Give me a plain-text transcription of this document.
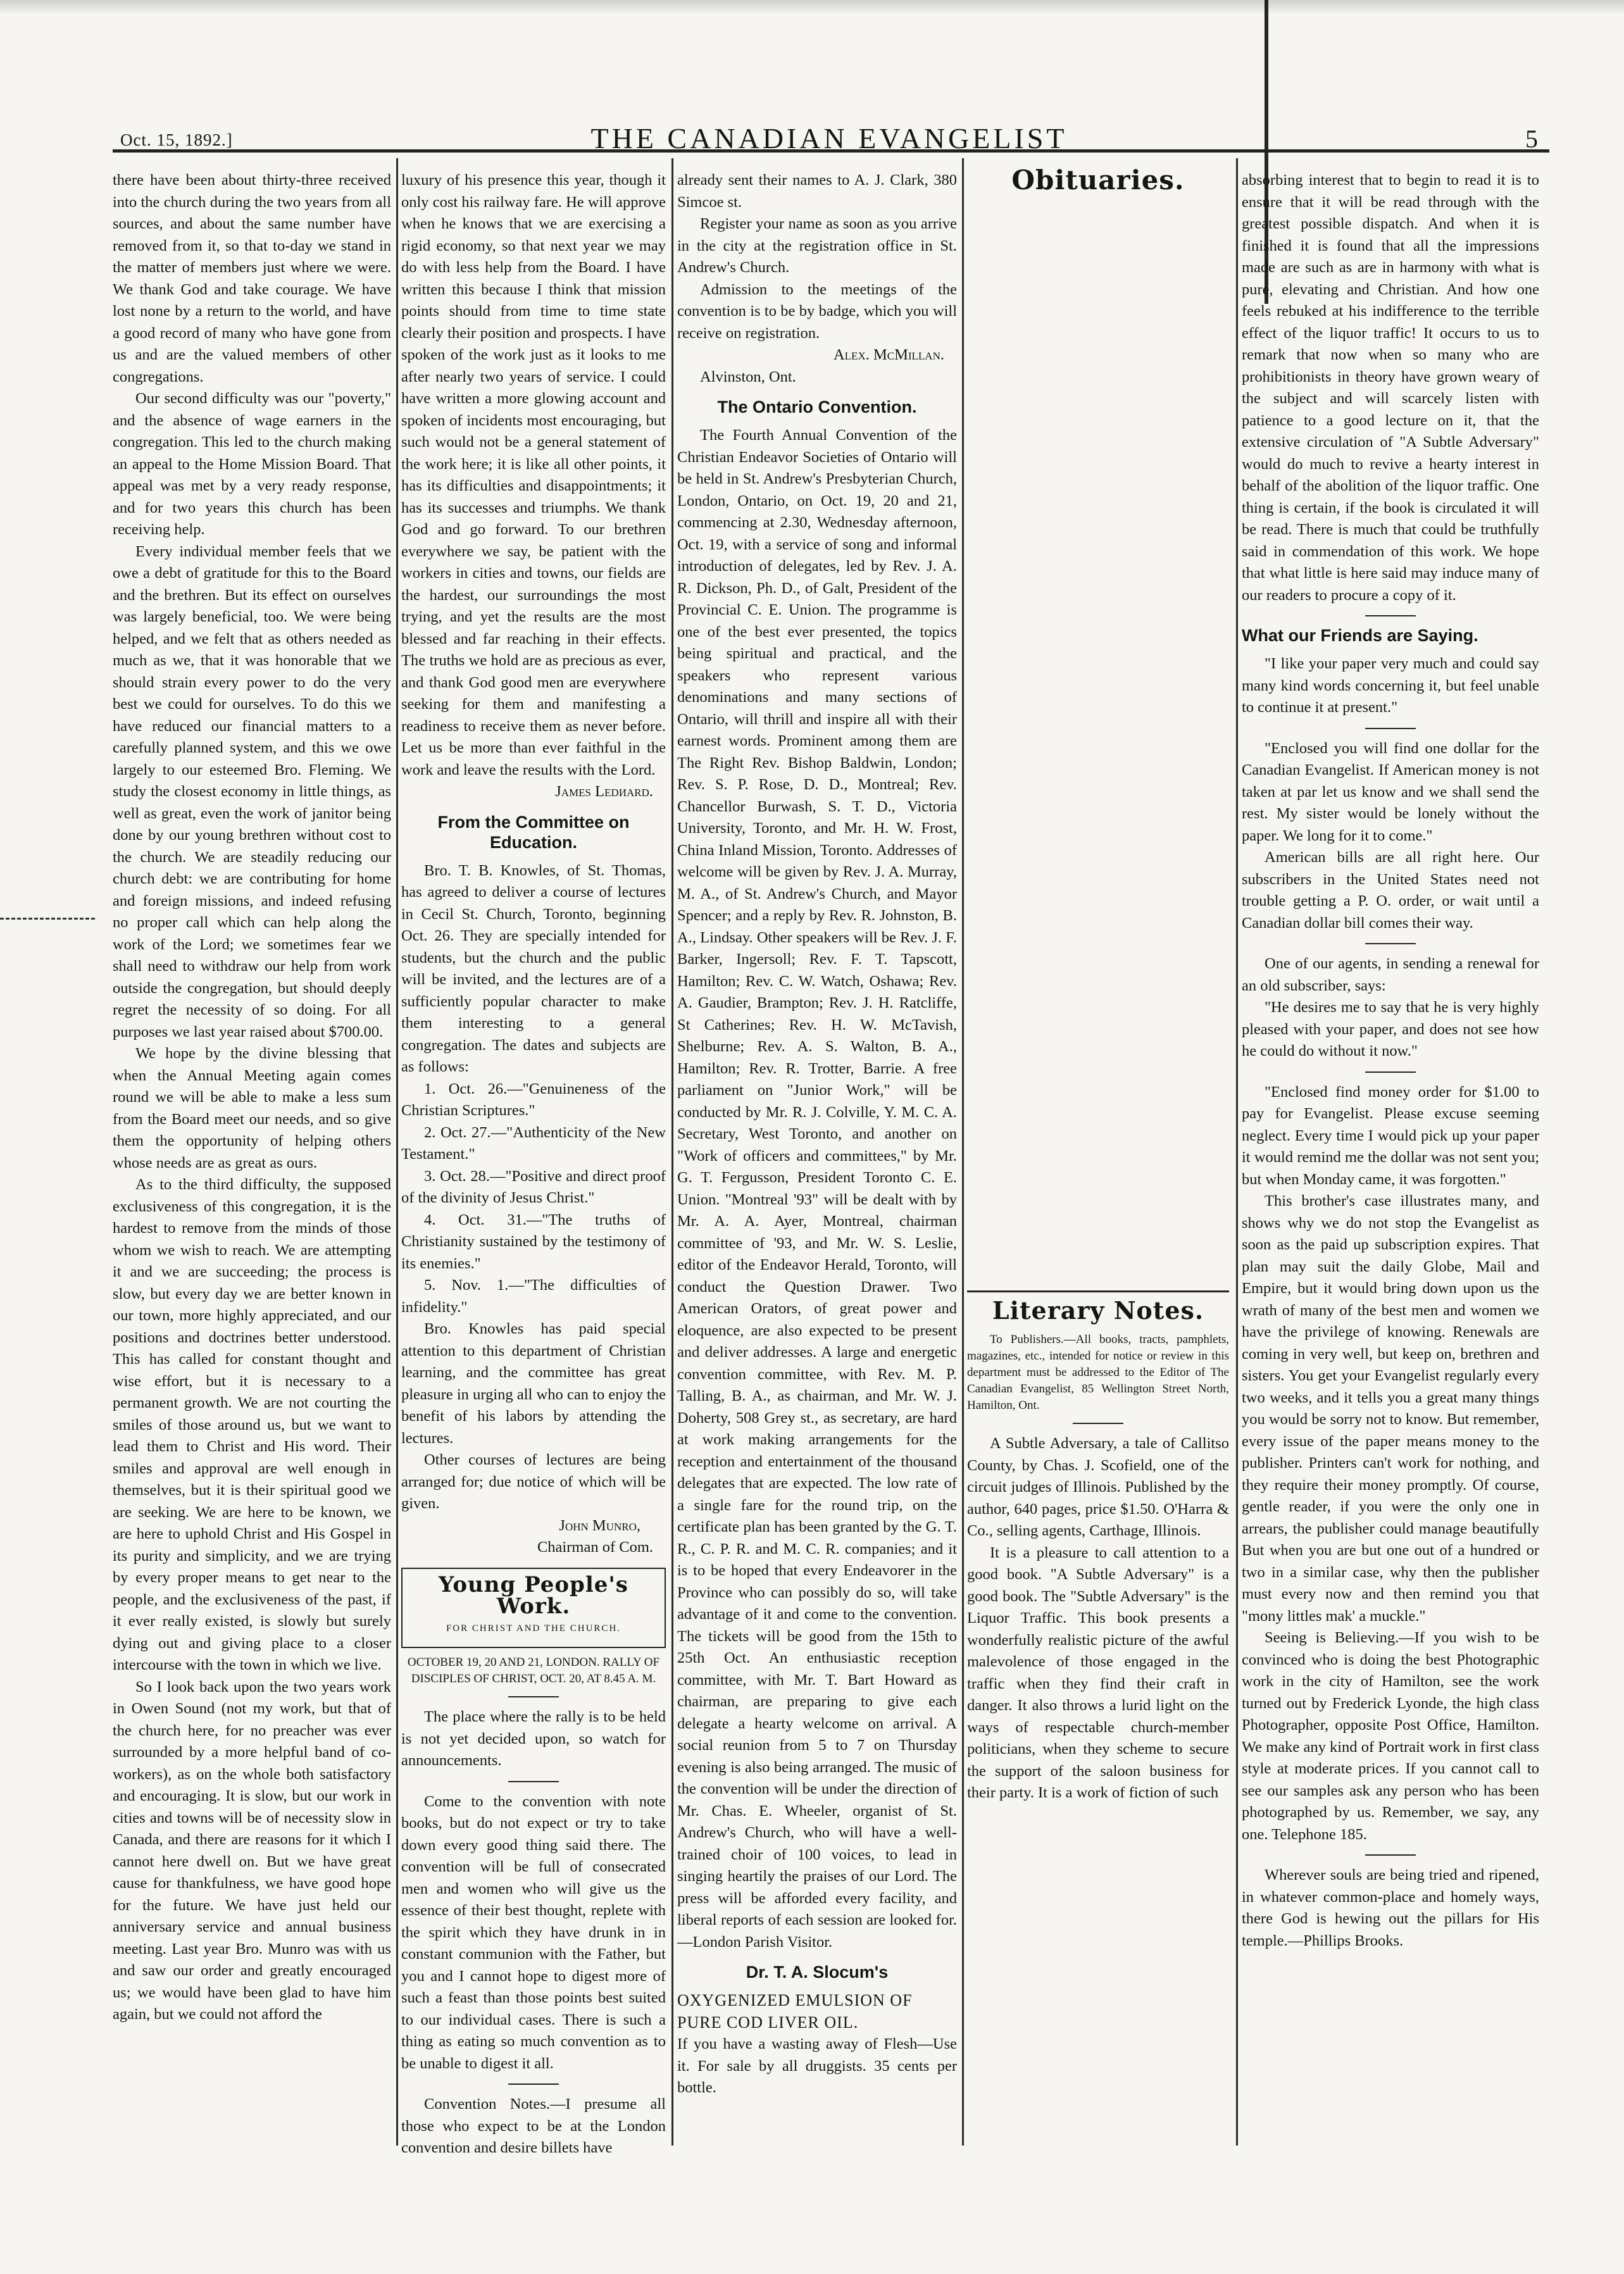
Oct. 15, 1892.]	THE CANADIAN EVANGELIST	5

there have been about thirty-three received into the church during the two years from all sources, and about the same number have removed from it, so that to-day we stand in the matter of members just where we were. We thank God and take courage. We have lost none by a return to the world, and have a good record of many who have gone from us and are the valued members of other congregations.

Our second difficulty was our "poverty," and the absence of wage earners in the congregation. This led to the church making an appeal to the Home Mission Board. That appeal was met by a very ready response, and for two years this church has been receiving help.

Every individual member feels that we owe a debt of gratitude for this to the Board and the brethren. But its effect on ourselves was largely beneficial, too. We were being helped, and we felt that as others needed as much as we, that it was honorable that we should strain every power to do the very best we could for ourselves. To do this we have reduced our financial matters to a carefully planned system, and this we owe largely to our esteemed Bro. Fleming. We study the closest economy in little things, as well as great, even the work of janitor being done by our young brethren without cost to the church. We are steadily reducing our church debt: we are contributing for home and foreign missions, and indeed refusing no proper call which can help along the work of the Lord; we sometimes fear we shall need to withdraw our help from work outside the congregation, but should deeply regret the necessity of so doing. For all purposes we last year raised about $700.00.

We hope by the divine blessing that when the Annual Meeting again comes round we will be able to make a less sum from the Board meet our needs, and so give them the opportunity of helping others whose needs are as great as ours.

As to the third difficulty, the supposed exclusiveness of this congregation, it is the hardest to remove from the minds of those whom we wish to reach. We are attempting it and we are succeeding; the process is slow, but every day we are better known in our town, more highly appreciated, and our positions and doctrines better understood. This has called for constant thought and wise effort, but it is necessary to a permanent growth. We are not courting the smiles of those around us, but we want to lead them to Christ and His word. Their smiles and approval are well enough in themselves, but it is their spiritual good we are seeking. We are here to be known, we are here to uphold Christ and His Gospel in its purity and simplicity, and we are trying by every proper means to get near to the people, and the exclusiveness of the past, if it ever really existed, is slowly but surely dying out and giving place to a closer intercourse with the town in which we live.

So I look back upon the two years work in Owen Sound (not my work, but that of the church here, for no preacher was ever surrounded by a more helpful band of co-workers), as on the whole both satisfactory and encouraging. It is slow, but our work in cities and towns will be of necessity slow in Canada, and there are reasons for it which I cannot here dwell on. But we have great cause for thankfulness, we have good hope for the future. We have just held our anniversary service and annual business meeting. Last year Bro. Munro was with us and saw our order and greatly encouraged us; we would have been glad to have him again, but we could not afford the

luxury of his presence this year, though it only cost his railway fare. He will approve when he knows that we are exercising a rigid economy, so that next year we may do with less help from the Board. I have written this because I think that mission points should from time to time state clearly their position and prospects. I have spoken of the work just as it looks to me after nearly two years of service. I could have written a more glowing account and spoken of incidents most encouraging, but such would not be a general statement of the work here; it is like all other points, it has its difficulties and disappointments; it has its successes and triumphs. We thank God and go forward. To our brethren everywhere we say, be patient with the workers in cities and towns, our fields are the hardest, our surroundings the most trying, and yet the results are the most blessed and far reaching in their effects. The truths we hold are as precious as ever, and thank God good men are everywhere seeking for them and manifesting a readiness to receive them as never before. Let us be more than ever faithful in the work and leave the results with the Lord.

James Ledиard.

From the Committee on Education.

Bro. T. B. Knowles, of St. Thomas, has agreed to deliver a course of lectures in Cecil St. Church, Toronto, beginning Oct. 26. They are specially intended for students, but the church and the public will be invited, and the lectures are of a sufficiently popular character to make them interesting to a general congregation. The dates and subjects are as follows:

1. Oct. 26.—"Genuineness of the Christian Scriptures."

2. Oct. 27.—"Authenticity of the New Testament."

3. Oct. 28.—"Positive and direct proof of the divinity of Jesus Christ."

4. Oct. 31.—"The truths of Christianity sustained by the testimony of its enemies."

5. Nov. 1.—"The difficulties of infidelity."

Bro. Knowles has paid special attention to this department of Christian learning, and the committee has great pleasure in urging all who can to enjoy the benefit of his labors by attending the lectures.

Other courses of lectures are being arranged for; due notice of which will be given.

John Munro,

Chairman of Com.

Young People's Work.
FOR CHRIST AND THE CHURCH.

OCTOBER 19, 20 AND 21, LONDON. RALLY OF DISCIPLES OF CHRIST, OCT. 20, AT 8.45 A. M.

The place where the rally is to be held is not yet decided upon, so watch for announcements.

Come to the convention with note books, but do not expect or try to take down every good thing said there. The convention will be full of consecrated men and women who will give us the essence of their best thought, replete with the spirit which they have drunk in in constant communion with the Father, but you and I cannot hope to digest more of such a feast than those points best suited to our individual cases. There is such a thing as eating so much convention as to be unable to digest it all.

Convention Notes.—I presume all those who expect to be at the London convention and desire billets have

already sent their names to A. J. Clark, 380 Simcoe st.

Register your name as soon as you arrive in the city at the registration office in St. Andrew's Church.

Admission to the meetings of the convention is to be by badge, which you will receive on registration.

Alex. McMillan.

Alvinston, Ont.

The Ontario Convention.

The Fourth Annual Convention of the Christian Endeavor Societies of Ontario will be held in St. Andrew's Presbyterian Church, London, Ontario, on Oct. 19, 20 and 21, commencing at 2.30, Wednesday afternoon, Oct. 19, with a service of song and informal introduction of delegates, led by Rev. J. A. R. Dickson, Ph. D., of Galt, President of the Provincial C. E. Union. The programme is one of the best ever presented, the topics being spiritual and practical, and the speakers who represent various denominations and many sections of Ontario, will thrill and inspire all with their earnest words. Prominent among them are The Right Rev. Bishop Baldwin, London; Rev. S. P. Rose, D. D., Montreal; Rev. Chancellor Burwash, S. T. D., Victoria University, Toronto, and Mr. H. W. Frost, China Inland Mission, Toronto. Addresses of welcome will be given by Rev. J. A. Murray, M. A., of St. Andrew's Church, and Mayor Spencer; and a reply by Rev. R. Johnston, B. A., Lindsay. Other speakers will be Rev. J. F. Barker, Ingersoll; Rev. F. T. Tapscott, Hamilton; Rev. C. W. Watch, Oshawa; Rev. A. Gaudier, Brampton; Rev. J. H. Ratcliffe, St Catherines; Rev. H. W. McTavish, Shelburne; Rev. A. S. Walton, B. A., Hamilton; Rev. R. Trotter, Barrie. A free parliament on "Junior Work," will be conducted by Mr. R. J. Colville, Y. M. C. A. Secretary, West Toronto, and another on "Work of officers and committees," by Mr. G. T. Fergusson, President Toronto C. E. Union. "Montreal '93" will be dealt with by Mr. A. A. Ayer, Montreal, chairman committee of '93, and Mr. W. S. Leslie, editor of the Endeavor Herald, Toronto, will conduct the Question Drawer. Two American Orators, of great power and eloquence, are also expected to be present and deliver addresses. A large and energetic convention committee, with Rev. M. P. Talling, B. A., as chairman, and Mr. W. J. Doherty, 508 Grey st., as secretary, are hard at work making arrangements for the reception and entertainment of the thousand delegates that are expected. The low rate of a single fare for the round trip, on the certificate plan has been granted by the G. T. R., C. P. R. and M. C. R. companies; and it is to be hoped that every Endeavorer in the Province who can possibly do so, will take advantage of it and come to the convention. The tickets will be good from the 15th to 25th Oct. An enthusiastic reception committee, with Mr. T. Bart Howard as chairman, are preparing to give each delegate a hearty welcome on arrival. A social reunion from 5 to 7 on Thursday evening is also being arranged. The music of the convention will be under the direction of Mr. Chas. E. Wheeler, organist of St. Andrew's Church, who will have a well-trained choir of 100 voices, to lead in singing heartily the praises of our Lord. The press will be afforded every facility, and liberal reports of each session are looked for.—London Parish Visitor.

Dr. T. A. Slocum's

OXYGENIZED EMULSION OF PURE COD LIVER OIL.

If you have a wasting away of Flesh—Use it. For sale by all druggists. 35 cents per bottle.

Obituaries.
Literary Notes.

To Publishers.—All books, tracts, pamphlets, magazines, etc., intended for notice or review in this department must be addressed to the Editor of The Canadian Evangelist, 85 Wellington Street North, Hamilton, Ont.

A Subtle Adversary, a tale of Callitso County, by Chas. J. Scofield, one of the circuit judges of Illinois. Published by the author, 640 pages, price $1.50. O'Harra & Co., selling agents, Carthage, Illinois.

It is a pleasure to call attention to a good book. "A Subtle Adversary" is a good book. The "Subtle Adversary" is the Liquor Traffic. This book presents a wonderfully realistic picture of the awful malevolence of those engaged in the traffic when they find their craft in danger. It also throws a lurid light on the ways of respectable church-member politicians, when they scheme to secure the support of the saloon business for their party. It is a work of fiction of such

absorbing interest that to begin to read it is to ensure that it will be read through with the greatest possible dispatch. And when it is finished it is found that all the impressions made are such as are in harmony with what is pure, elevating and Christian. And how one feels rebuked at his indifference to the terrible effect of the liquor traffic! It occurs to us to remark that now when so many who are prohibitionists in theory have grown weary of the subject and will scarcely listen with patience to a good lecture on it, that the extensive circulation of "A Subtle Adversary" would do much to revive a hearty interest in behalf of the abolition of the liquor traffic. One thing is certain, if the book is circulated it will be read. There is much that could be truthfully said in commendation of this work. We hope that what little is here said may induce many of our readers to procure a copy of it.

What our Friends are Saying.

"I like your paper very much and could say many kind words concerning it, but feel unable to continue it at present."

"Enclosed you will find one dollar for the Canadian Evangelist. If American money is not taken at par let us know and we shall send the rest. My sister would be lonely without the paper. We long for it to come."

American bills are all right here. Our subscribers in the United States need not trouble getting a P. O. order, or wait until a Canadian dollar bill comes their way.

One of our agents, in sending a renewal for an old subscriber, says:

"He desires me to say that he is very highly pleased with your paper, and does not see how he could do without it now."

"Enclosed find money order for $1.00 to pay for Evangelist. Please excuse seeming neglect. Every time I would pick up your paper it would remind me the dollar was not sent you; but when Monday came, it was forgotten."

This brother's case illustrates many, and shows why we do not stop the Evangelist as soon as the paid up subscription expires. That plan may suit the daily Globe, Mail and Empire, but it would bring down upon us the wrath of many of the best men and women we have the privilege of knowing. Renewals are coming in very well, but keep on, brethren and sisters. You get your Evangelist regularly every two weeks, and it tells you a great many things you would be sorry not to know. But remember, every issue of the paper means money to the publisher. Printers can't work for nothing, and they require their money promptly. Of course, gentle reader, if you were the only one in arrears, the publisher could manage beautifully But when you are but one out of a hundred or two in a similar case, why then the publisher must every now and then remind you that "mony littles mak' a muckle."

Seeing is Believing.—If you wish to be convinced who is doing the best Photographic work in the city of Hamilton, see the work turned out by Frederick Lyonde, the high class Photographer, opposite Post Office, Hamilton. We make any kind of Portrait work in first class style at moderate prices. If you cannot call to see our samples ask any person who has been photographed by us. Remember, we say, any one. Telephone 185.

Wherever souls are being tried and ripened, in whatever common-place and homely ways, there God is hewing out the pillars for His temple.—Phillips Brooks.
